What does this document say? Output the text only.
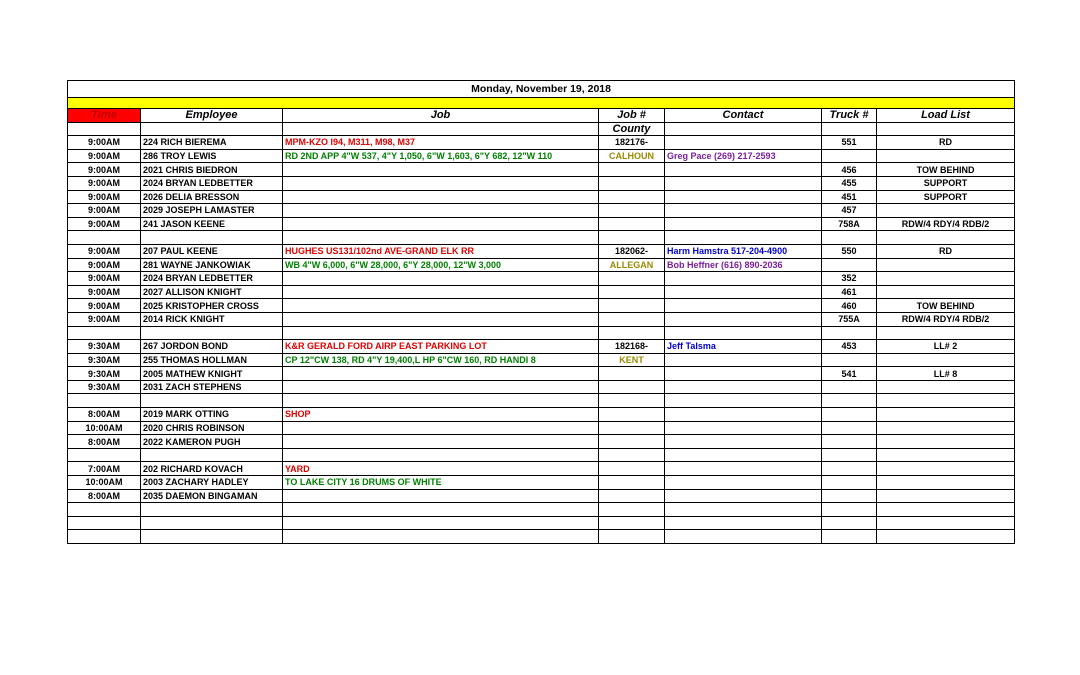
Monday, November 19, 2018						

Time	Employee	Job	Job #	Contact	Truck #	Load List
			County			
9:00AM	224 RICH BIEREMA	MPM-KZO I94, M311, M98, M37	182176-		551	RD
9:00AM	286 TROY LEWIS	RD 2ND APP 4"W 537, 4"Y 1,050, 6"W 1,603, 6"Y 682, 12"W 110	CALHOUN	Greg Pace (269) 217-2593		
9:00AM	2021 CHRIS BIEDRON				456	TOW BEHIND
9:00AM	2024 BRYAN LEDBETTER				455	SUPPORT
9:00AM	2026 DELIA BRESSON				451	SUPPORT
9:00AM	2029 JOSEPH LAMASTER				457	
9:00AM	241 JASON KEENE				758A	RDW/4 RDY/4 RDB/2

9:00AM	207 PAUL KEENE	HUGHES US131/102nd AVE-GRAND ELK RR	182062-	Harm Hamstra 517-204-4900	550	RD
9:00AM	281 WAYNE JANKOWIAK	WB 4"W 6,000, 6"W 28,000, 6"Y 28,000, 12"W 3,000	ALLEGAN	Bob Heffner (616) 890-2036		
9:00AM	2024 BRYAN LEDBETTER				352	
9:00AM	2027 ALLISON KNIGHT				461	
9:00AM	2025 KRISTOPHER CROSS				460	TOW BEHIND
9:00AM	2014 RICK KNIGHT				755A	RDW/4 RDY/4 RDB/2

9:30AM	267 JORDON BOND	K&R GERALD FORD AIRP EAST PARKING LOT	182168-	Jeff Talsma	453	LL# 2
9:30AM	255 THOMAS HOLLMAN	CP 12"CW 138, RD 4"Y 19,400,L HP 6"CW 160, RD HANDI 8	KENT			
9:30AM	2005 MATHEW KNIGHT				541	LL# 8
9:30AM	2031 ZACH STEPHENS					

8:00AM	2019 MARK OTTING	SHOP				
10:00AM	2020 CHRIS ROBINSON					
8:00AM	2022 KAMERON PUGH					

7:00AM	202 RICHARD KOVACH	YARD				
10:00AM	2003 ZACHARY HADLEY	TO LAKE CITY 16 DRUMS OF WHITE				
8:00AM	2035 DAEMON BINGAMAN					
